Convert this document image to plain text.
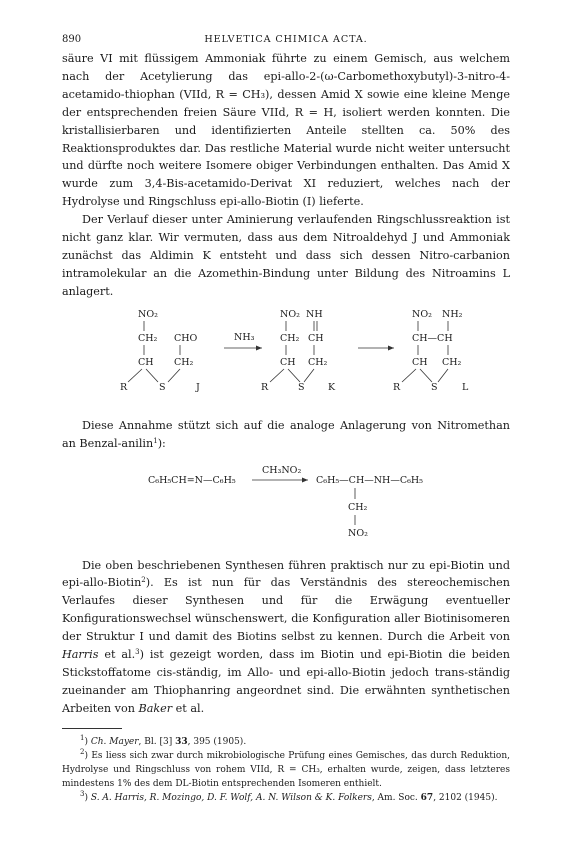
890	HELVETICA CHIMICA ACTA.

säure VI mit flüssigem Ammoniak führte zu einem Gemisch, aus welchem nach der Acetylierung das epi-allo-2-(ω-Carbomethoxybutyl)-3-nitro-4-acetamido-thiophan (VIId, R = CH₃), dessen Amid X sowie eine kleine Menge der entsprechenden freien Säure VIId, R = H, isoliert werden konnten. Die kristallisierbaren und identifizierten Anteile stellten ca. 50% des Reaktionsproduktes dar. Das restliche Material wurde nicht weiter untersucht und dürfte noch weitere Isomere obiger Verbindungen enthalten. Das Amid X wurde zum 3,4-Bis-acetamido-Derivat XI reduziert, welches nach der Hydrolyse und Ringschluss epi-allo-Biotin (I) lieferte.

Der Verlauf dieser unter Aminierung verlaufenden Ringschlussreaktion ist nicht ganz klar. Wir vermuten, dass aus dem Nitroaldehyd J und Ammoniak zunächst das Aldimin K entsteht und dass sich dessen Nitro-carbanion intramolekular an die Azomethin-Bindung unter Bildung des Nitroamins L anlagert.

NO₂
CH₂ CHO
CH CH₂
R	S	J
NH₃
NO₂ NH
CH₂ CH
CH CH₂
R	S K
NO₂ NH₂
CH—CH
CH CH₂
R	S	L

Diese Annahme stützt sich auf die analoge Anlagerung von Nitromethan an Benzal-anilin$^1$):

C₆H₅CH=N—C₆H₅
CH₃NO₂
C₆H₅—CH—NH—C₆H₅
CH₂
NO₂

Die oben beschriebenen Synthesen führen praktisch nur zu epi-Biotin und epi-allo-Biotin$^2$). Es ist nun für das Verständnis des stereochemischen Verlaufes dieser Synthesen und für die Erwägung eventueller Konfigurationswechsel wünschenswert, die Konfiguration aller Biotinisomeren der Struktur I und damit des Biotins selbst zu kennen. Durch die Arbeit von Harris et al.$^3$) ist gezeigt worden, dass im Biotin und epi-Biotin die beiden Stickstoffatome cis-ständig, im Allo- und epi-allo-Biotin jedoch trans-ständig zueinander am Thiophanring angeordnet sind. Die erwähnten synthetischen Arbeiten von Baker et al.

$^1$) Ch. Mayer, Bl. [3] 33, 395 (1905).

$^2$) Es liess sich zwar durch mikrobiologische Prüfung eines Gemisches, das durch Reduktion, Hydrolyse und Ringschluss von rohem VIId, R = CH₃, erhalten wurde, zeigen, dass letzteres mindestens 1% des dem DL-Biotin entsprechenden Isomeren enthielt.

$^3$) S. A. Harris, R. Mozingo, D. F. Wolf, A. N. Wilson & K. Folkers, Am. Soc. 67, 2102 (1945).
